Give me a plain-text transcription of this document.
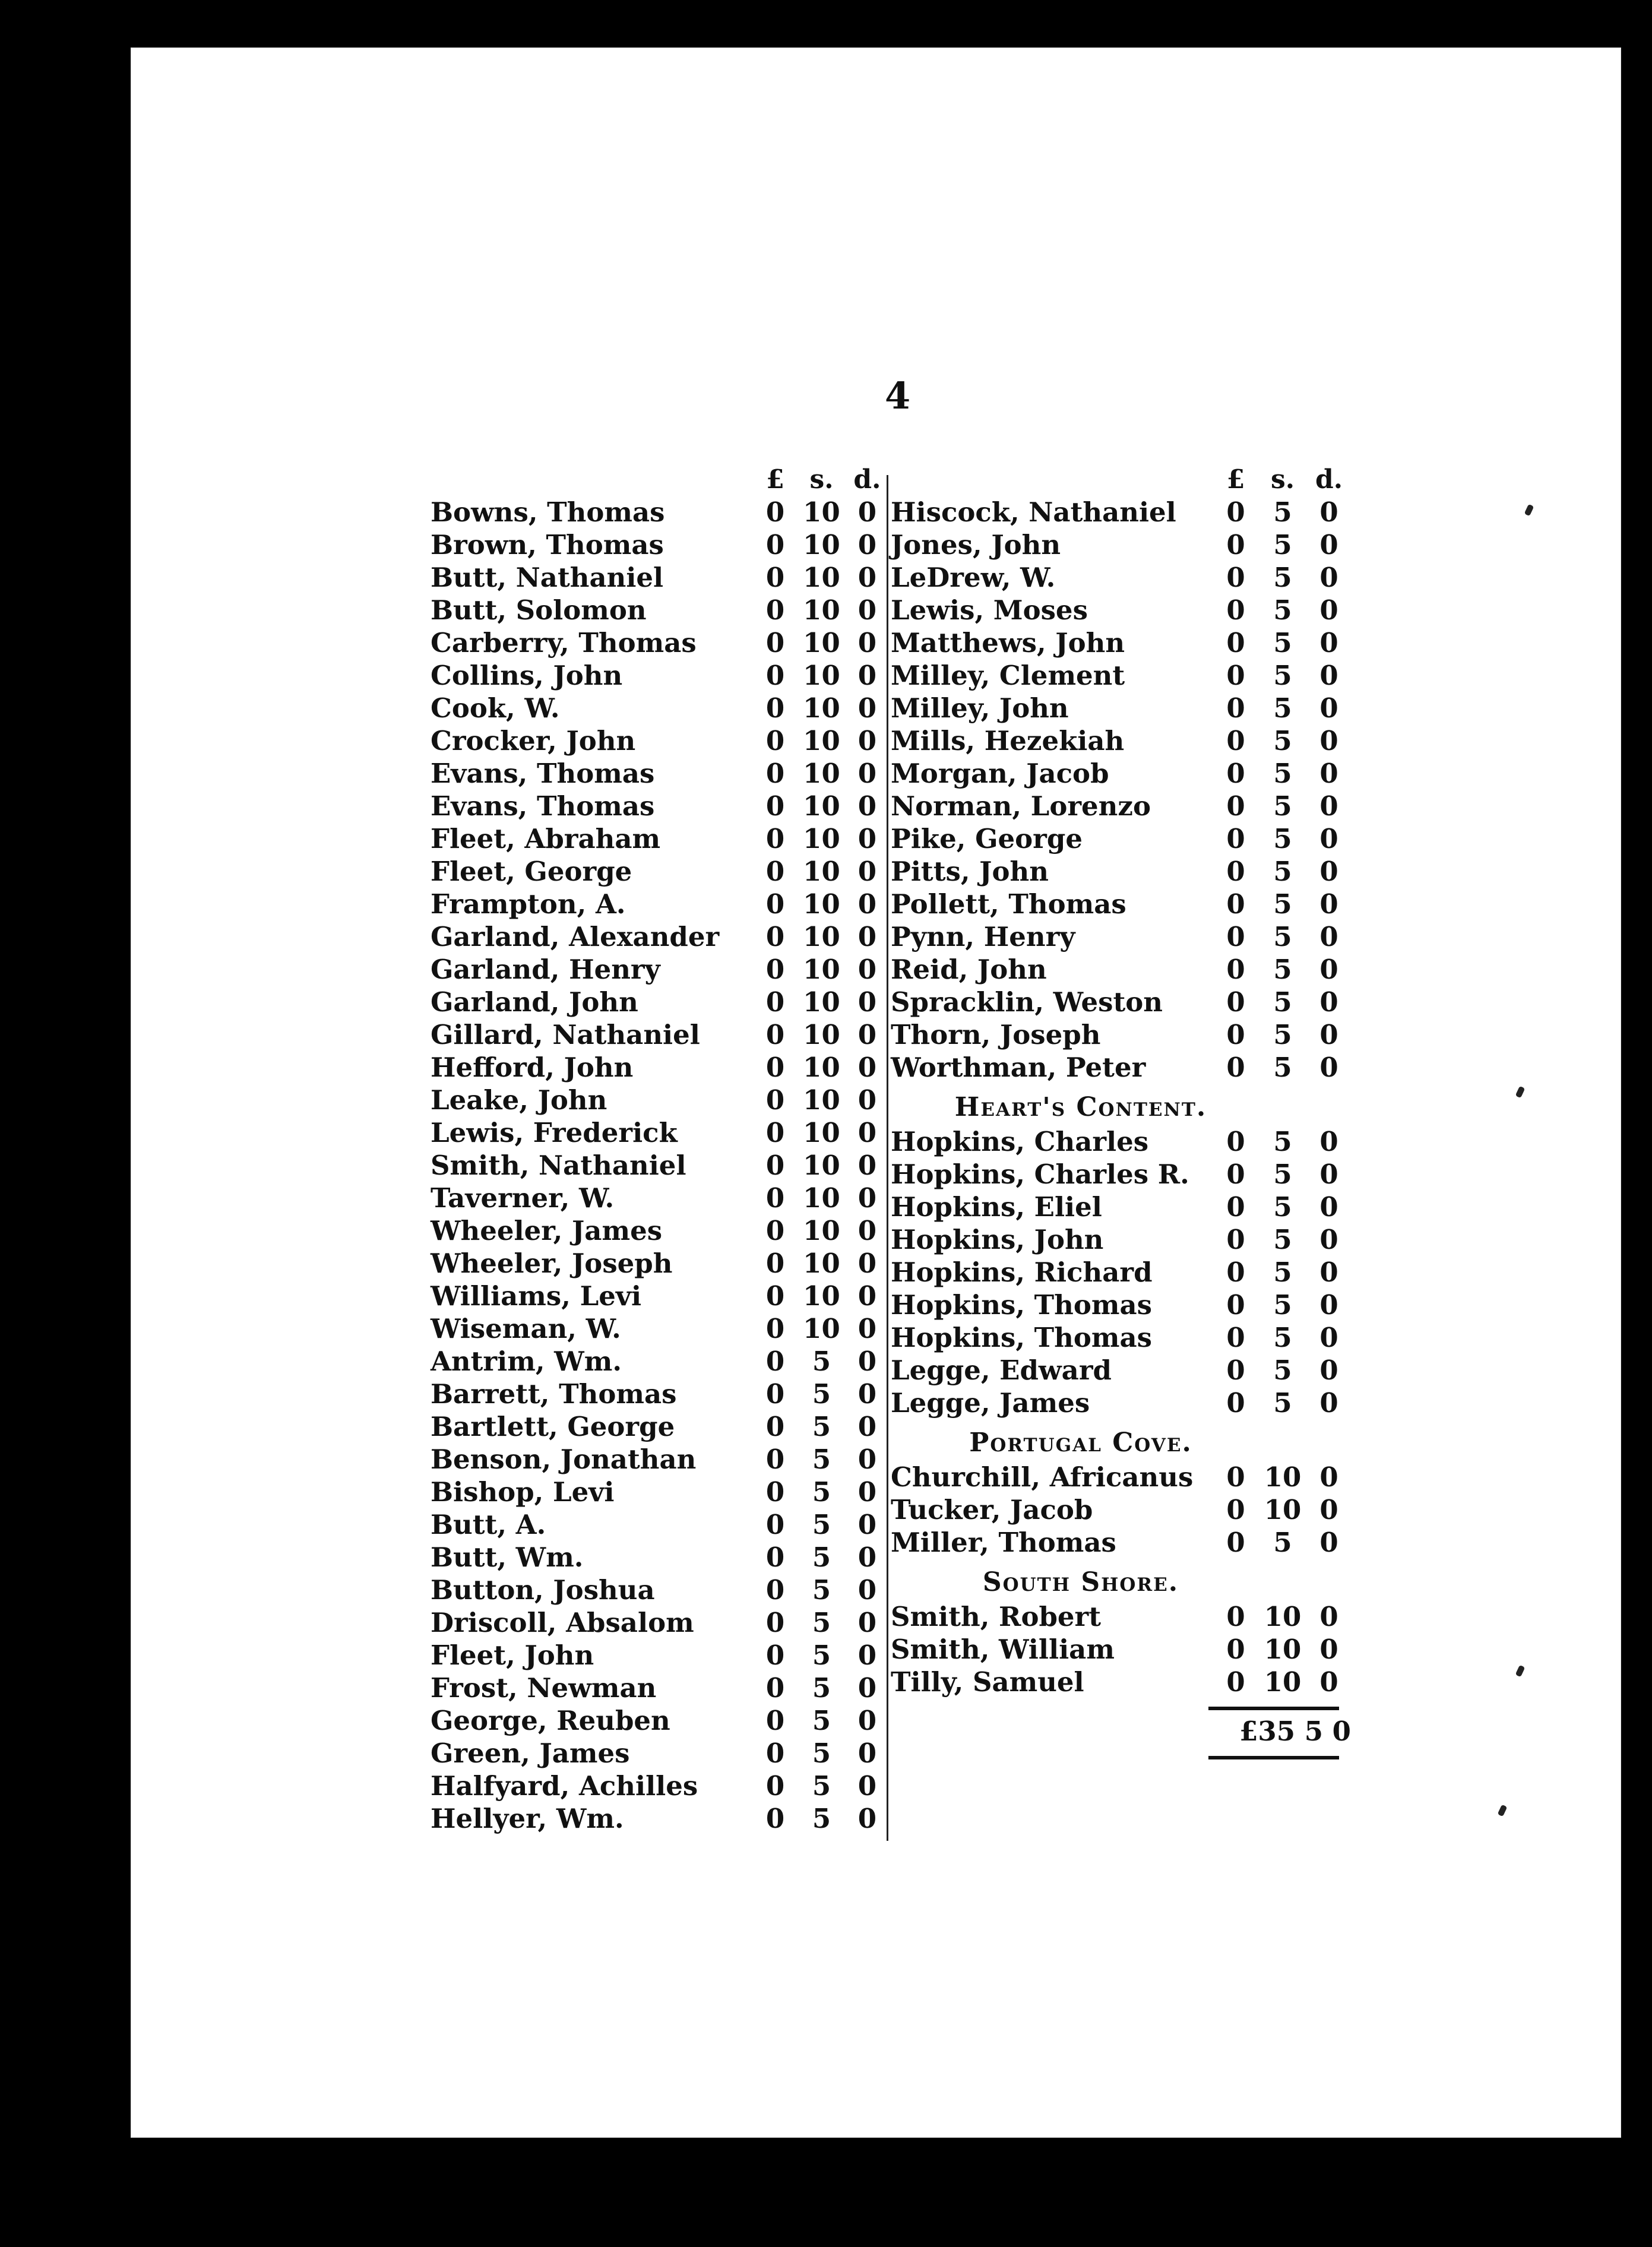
4
£ s. d.
Bowns, Thomas	0 10 0
Brown, Thomas	0 10 0
Butt, Nathaniel	0 10 0
Butt, Solomon	0 10 0
Carberry, Thomas	0 10 0
Collins, John	0 10 0
Cook, W.	0 10 0
Crocker, John	0 10 0
Evans, Thomas	0 10 0
Evans, Thomas	0 10 0
Fleet, Abraham	0 10 0
Fleet, George	0 10 0
Frampton, A.	0 10 0
Garland, Alexander	0 10 0
Garland, Henry	0 10 0
Garland, John	0 10 0
Gillard, Nathaniel	0 10 0
Hefford, John	0 10 0
Leake, John	0 10 0
Lewis, Frederick	0 10 0
Smith, Nathaniel	0 10 0
Taverner, W.	0 10 0
Wheeler, James	0 10 0
Wheeler, Joseph	0 10 0
Williams, Levi	0 10 0
Wiseman, W.	0 10 0
Antrim, Wm.	0	5	0
Barrett, Thomas	0	5	0
Bartlett, George	0	5	0
Benson, Jonathan	0	5	0
Bishop, Levi	0	5	0
Butt, A.	0	5	0
Butt, Wm.	0	5	0
Button, Joshua	0	5	0
Driscoll, Absalom	0	5	0
Fleet, John	0	5	0
Frost, Newman	0	5	0
George, Reuben	0	5	0
Green, James	0	5	0
Halfyard, Achilles	0	5	0
Hellyer, Wm.	0	5	0
£ s. d.
Hiscock, Nathaniel	0	5	0
Jones, John	0	5	0
LeDrew, W.	0	5	0
Lewis, Moses	0	5	0
Matthews, John	0	5	0
Milley, Clement	0	5	0
Milley, John	0	5	0
Mills, Hezekiah	0	5	0
Morgan, Jacob	0	5	0
Norman, Lorenzo	0	5	0
Pike, George	0	5	0
Pitts, John	0	5	0
Pollett, Thomas	0	5	0
Pynn, Henry	0	5	0
Reid, John	0	5	0
Spracklin, Weston	0	5	0
Thorn, Joseph	0	5	0
Worthman, Peter	0	5	0
Heart's Content.
Hopkins, Charles	0	5	0
Hopkins, Charles R.	0	5	0
Hopkins, Eliel	0	5	0
Hopkins, John	0	5	0
Hopkins, Richard	0	5	0
Hopkins, Thomas	0	5	0
Hopkins, Thomas	0	5	0
Legge, Edward	0	5	0
Legge, James	0	5	0
Portugal Cove.
Churchill, Africanus	0 10 0
Tucker, Jacob	0 10 0
Miller, Thomas	0	5	0
South Shore.
Smith, Robert	0 10 0
Smith, William	0 10 0
Tilly, Samuel	0 10 0
£35 5 0
